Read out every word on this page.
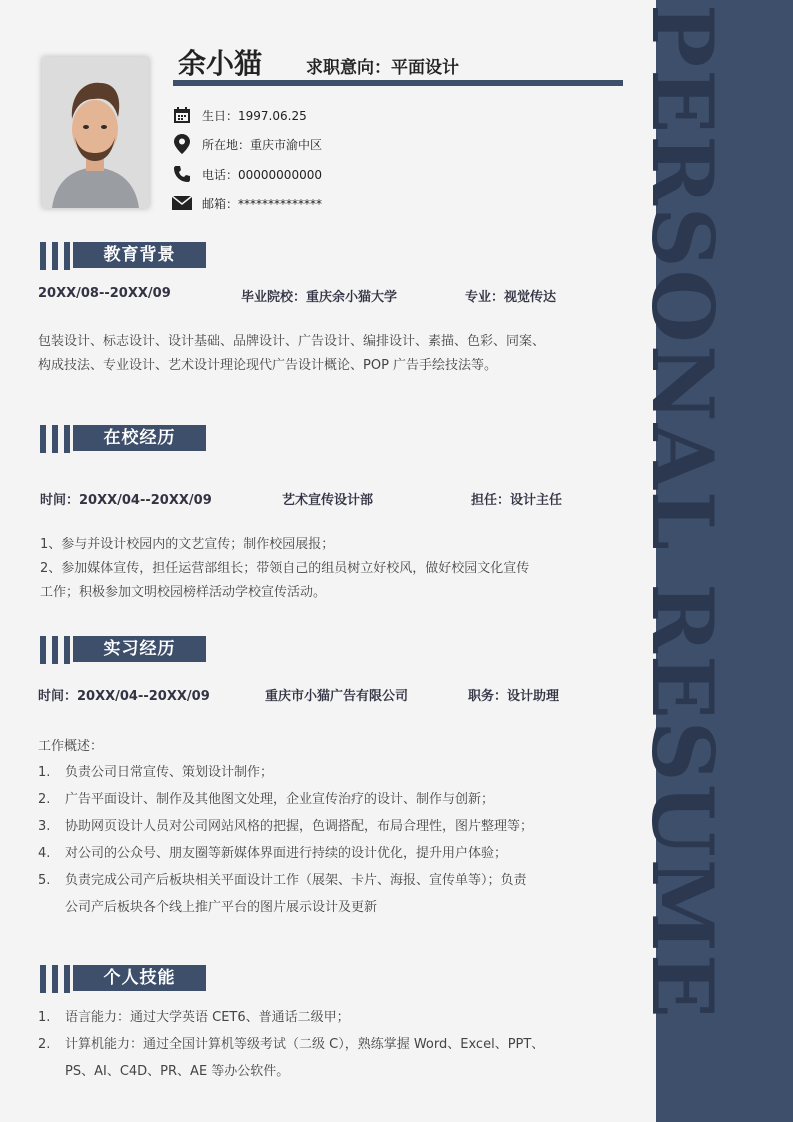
PERSONAL RESUME
余小猫	求职意向：平面设计
生日：1997.06.25
所在地：重庆市渝中区
电话：00000000000
邮箱：**************
教育背景
20XX/08--20XX/09	毕业院校：重庆余小猫大学	专业：视觉传达
包装设计、标志设计、设计基础、品牌设计、广告设计、编排设计、素描、色彩、同案、
构成技法、专业设计、艺术设计理论现代广告设计概论、POP 广告手绘技法等。
在校经历
时间：20XX/04--20XX/09	艺术宣传设计部	担任：设计主任
1、参与并设计校园内的文艺宣传；制作校园展报；
2、参加媒体宣传，担任运营部组长；带领自己的组员树立好校风，做好校园文化宣传
工作；积极参加文明校园榜样活动学校宣传活动。
实习经历
时间：20XX/04--20XX/09	重庆市小猫广告有限公司	职务：设计助理
工作概述：
1. 负责公司日常宣传、策划设计制作；
2. 广告平面设计、制作及其他图文处理，企业宣传治疗的设计、制作与创新；
3. 协助网页设计人员对公司网站风格的把握，色调搭配，布局合理性，图片整理等；
4. 对公司的公众号、朋友圈等新媒体界面进行持续的设计优化，提升用户体验；
5. 负责完成公司产后板块相关平面设计工作（展架、卡片、海报、宣传单等）；负责
公司产后板块各个线上推广平台的图片展示设计及更新
个人技能
1. 语言能力：通过大学英语 CET6、普通话二级甲；
2. 计算机能力：通过全国计算机等级考试（二级 C），熟练掌握 Word、Excel、PPT、
PS、AI、C4D、PR、AE 等办公软件。
